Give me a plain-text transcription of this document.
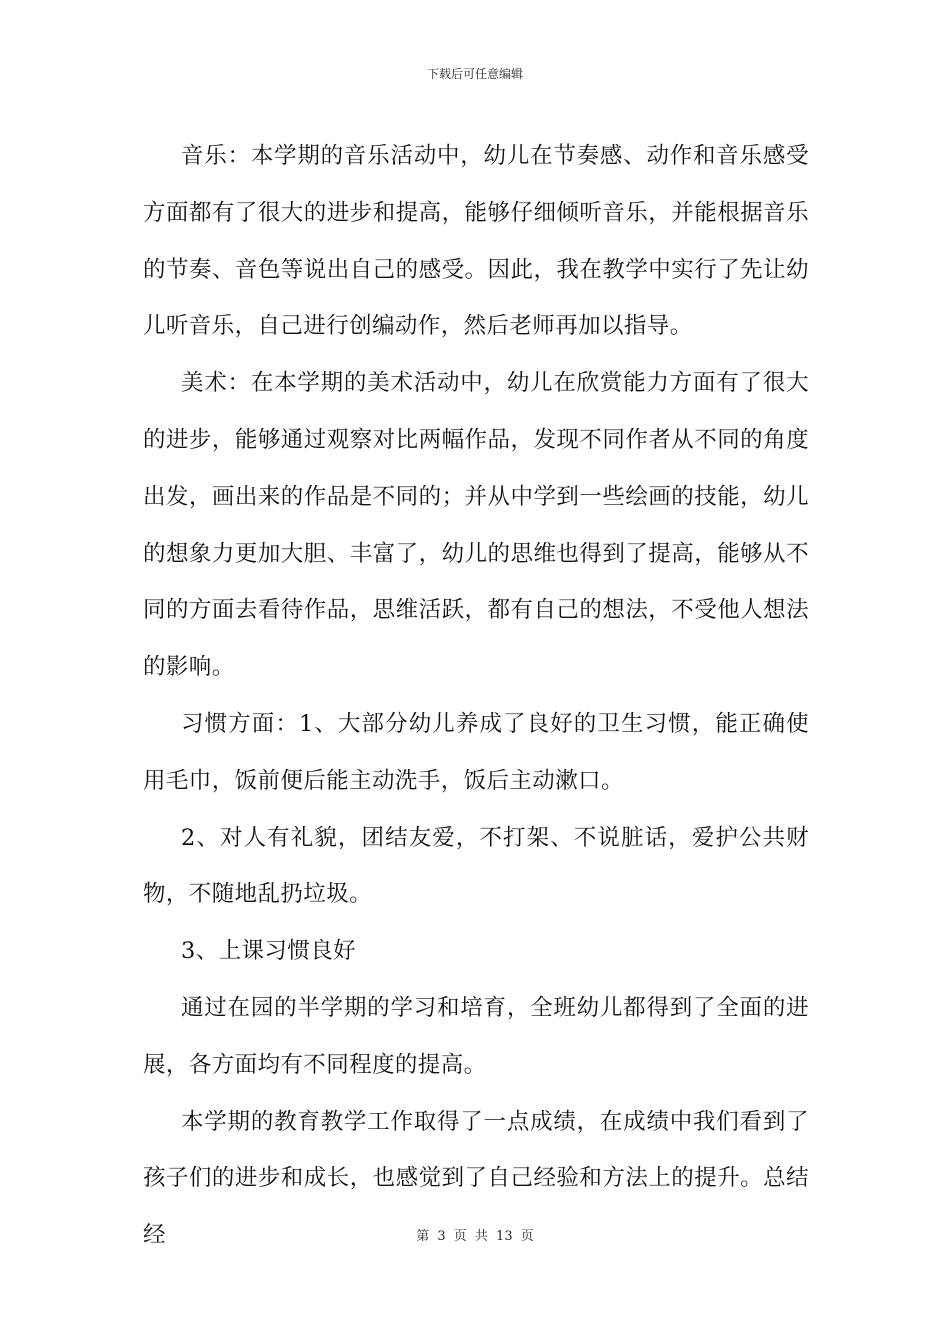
下载后可任意编辑

音乐：本学期的音乐活动中，幼儿在节奏感、动作和音乐感受方面都有了很大的进步和提高，能够仔细倾听音乐，并能根据音乐的节奏、音色等说出自己的感受。因此，我在教学中实行了先让幼儿听音乐，自己进行创编动作，然后老师再加以指导。

美术：在本学期的美术活动中，幼儿在欣赏能力方面有了很大的进步，能够通过观察对比两幅作品，发现不同作者从不同的角度出发，画出来的作品是不同的；并从中学到一些绘画的技能，幼儿的想象力更加大胆、丰富了，幼儿的思维也得到了提高，能够从不同的方面去看待作品，思维活跃，都有自己的想法，不受他人想法的影响。

习惯方面：1、大部分幼儿养成了良好的卫生习惯，能正确使用毛巾，饭前便后能主动洗手，饭后主动漱口。

2、对人有礼貌，团结友爱，不打架、不说脏话，爱护公共财物，不随地乱扔垃圾。

3、上课习惯良好

通过在园的半学期的学习和培育，全班幼儿都得到了全面的进展，各方面均有不同程度的提高。

本学期的教育教学工作取得了一点成绩，在成绩中我们看到了孩子们的进步和成长，也感觉到了自己经验和方法上的提升。总结经	第 3 页 共 13 页
